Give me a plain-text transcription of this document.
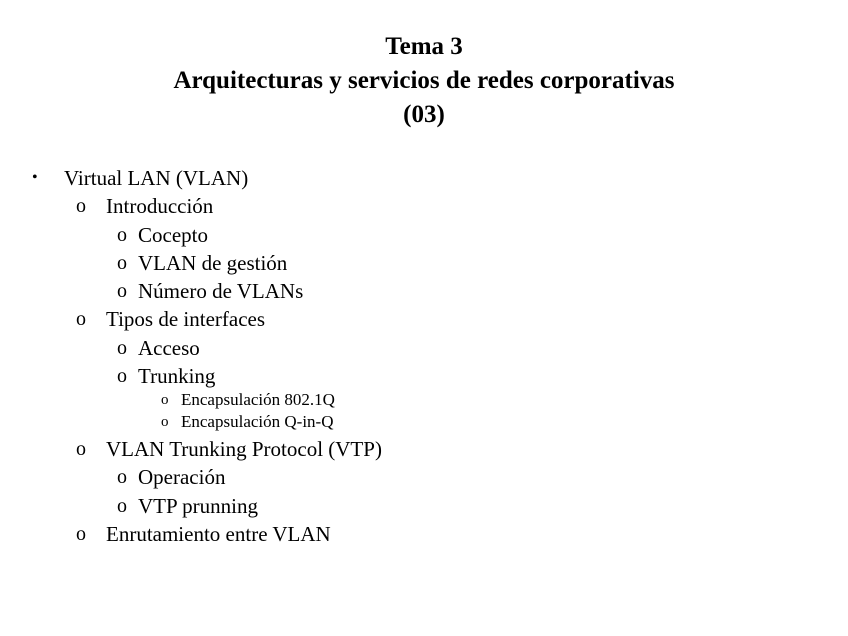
Tema 3
Arquitecturas y servicios de redes corporativas
(03)
• Virtual LAN (VLAN)
o Introducción
o Cocepto
o VLAN de gestión
o Número de VLANs
o Tipos de interfaces
o Acceso
o Trunking
o Encapsulación 802.1Q
o Encapsulación Q-in-Q
o VLAN Trunking Protocol (VTP)
o Operación
o VTP prunning
o Enrutamiento entre VLAN
